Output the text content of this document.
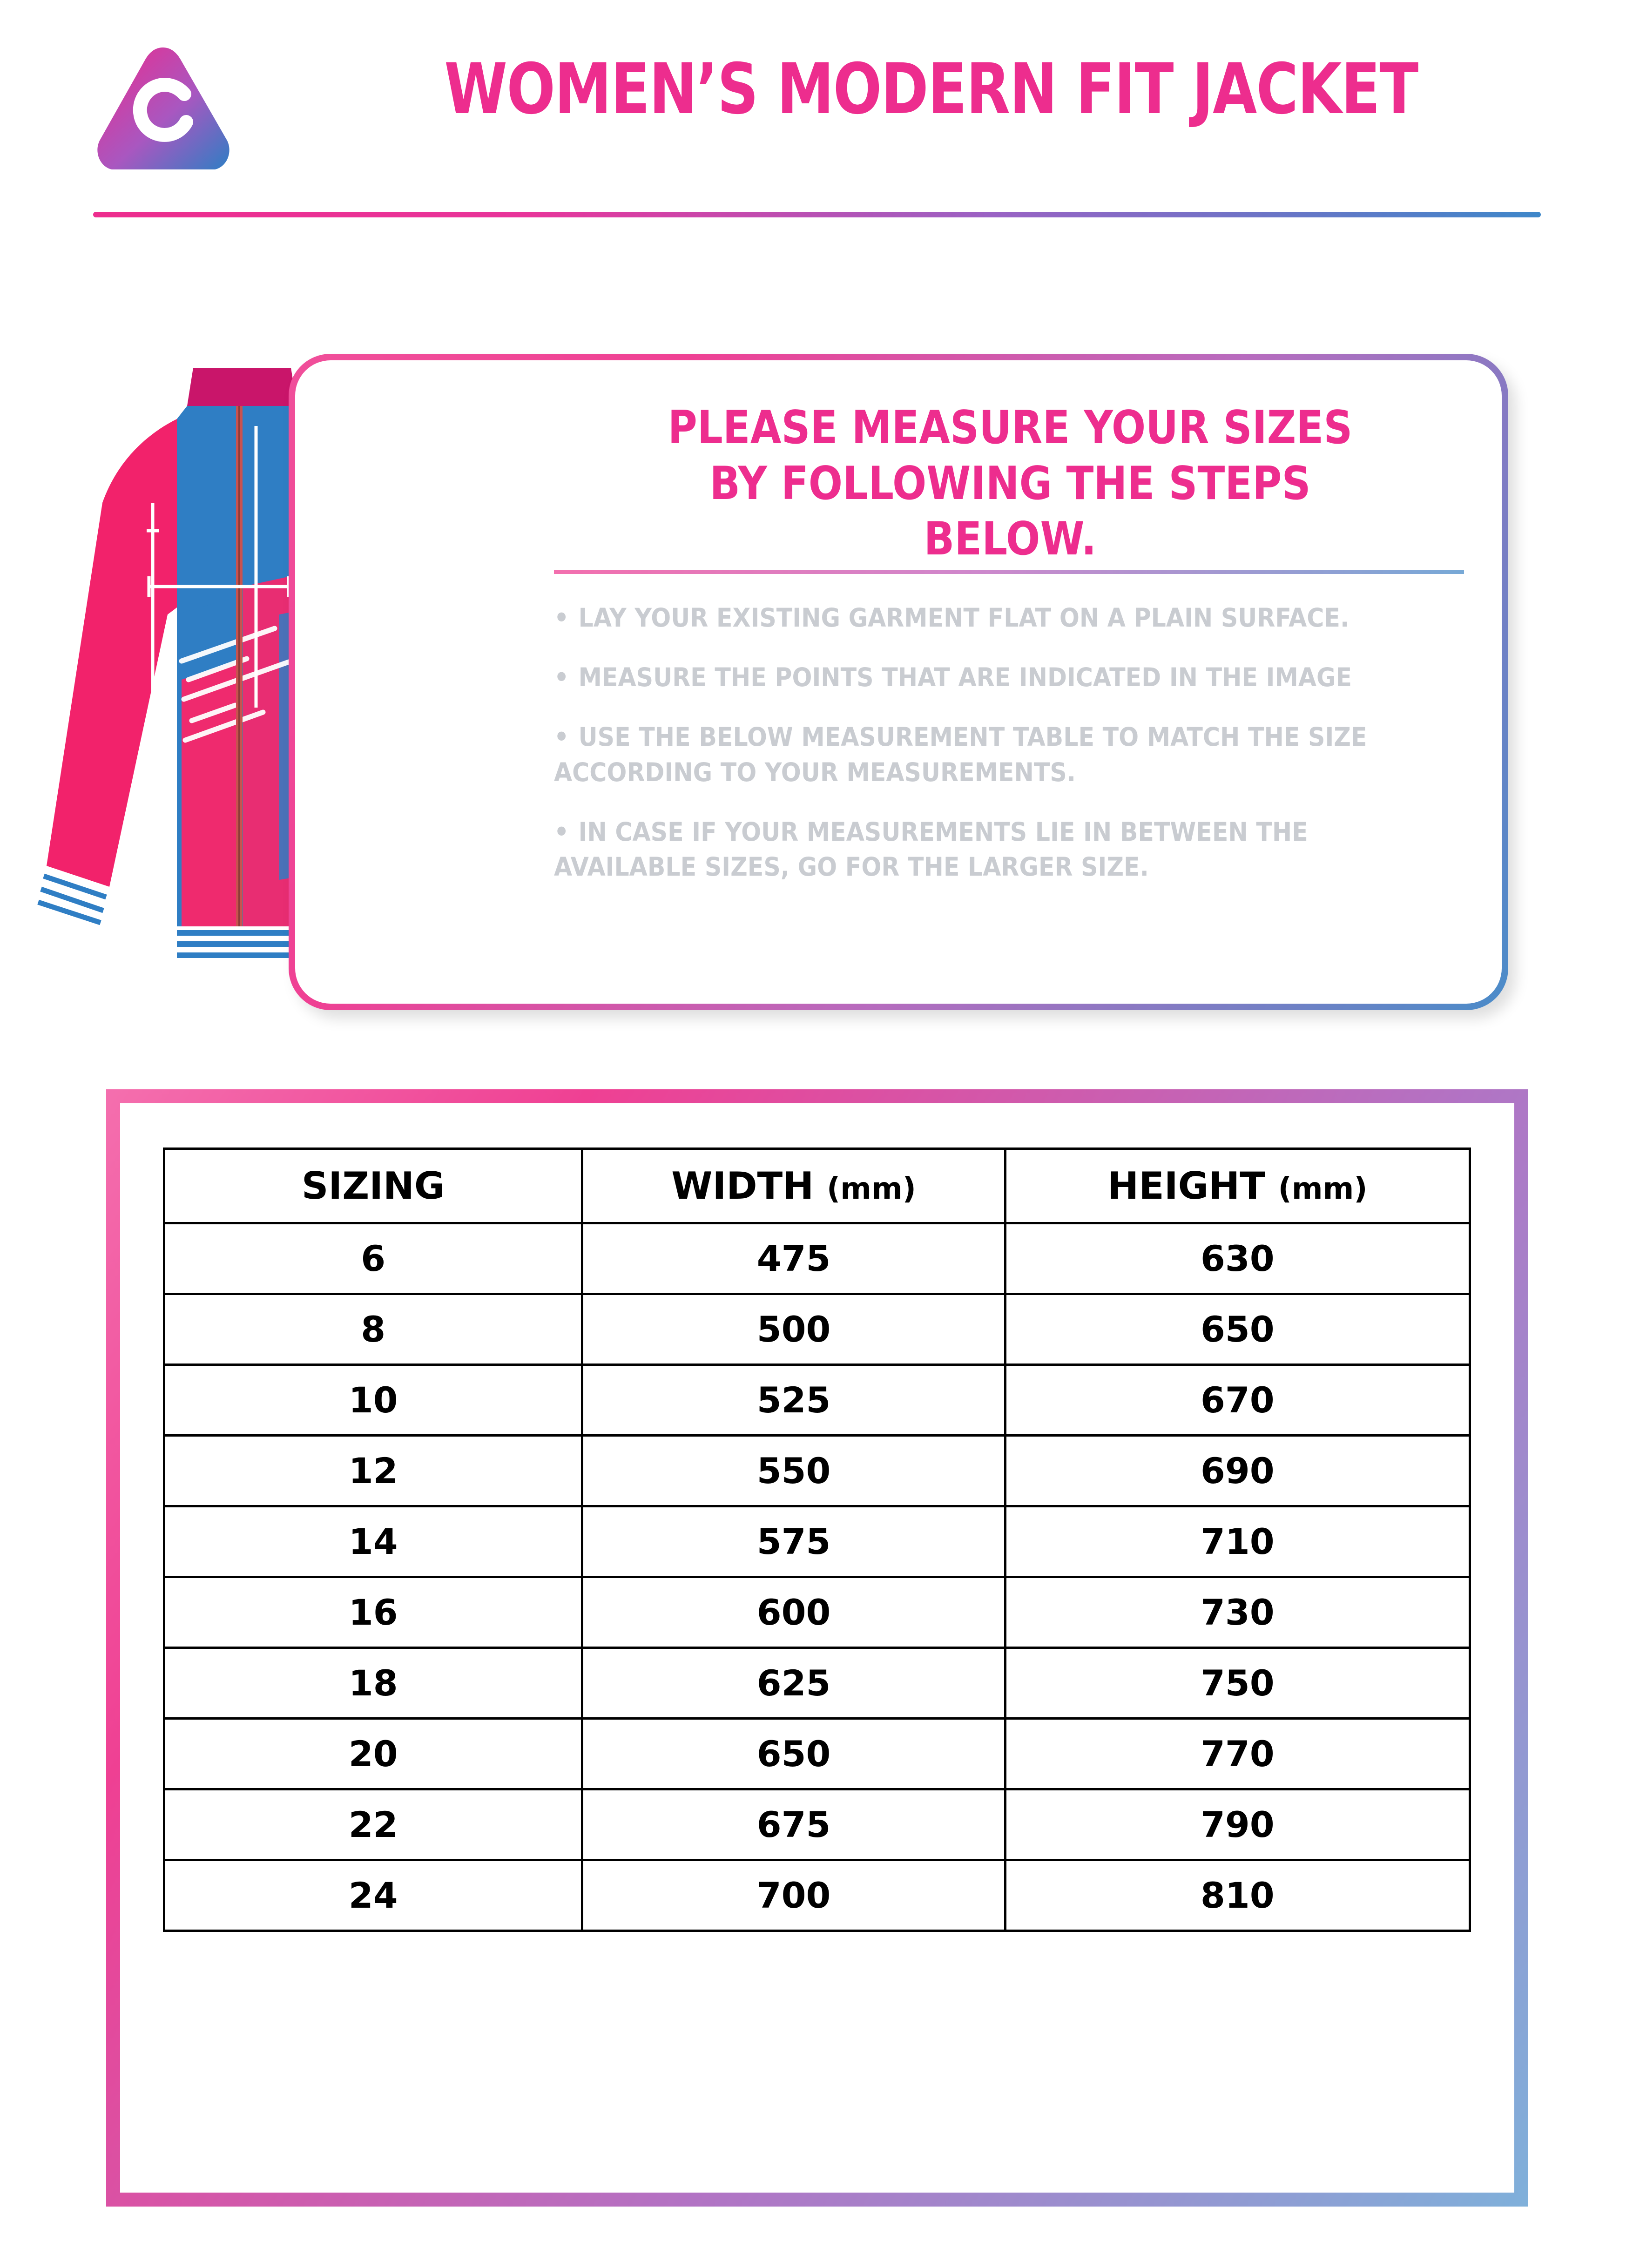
WOMEN’S MODERN FIT JACKET
Width
PLEASE MEASURE YOUR SIZES
BY FOLLOWING THE STEPS BELOW.
• LAY YOUR EXISTING GARMENT FLAT ON A PLAIN SURFACE.
• MEASURE THE POINTS THAT ARE INDICATED IN THE IMAGE
• USE THE BELOW MEASUREMENT TABLE TO MATCH THE SIZE ACCORDING TO YOUR MEASUREMENTS.
• IN CASE IF YOUR MEASUREMENTS LIE IN BETWEEN THE AVAILABLE SIZES, GO FOR THE LARGER SIZE.
SIZING	WIDTH (mm)	HEIGHT (mm)
6	475	630
8	500	650
10	525	670
12	550	690
14	575	710
16	600	730
18	625	750
20	650	770
22	675	790
24	700	810
